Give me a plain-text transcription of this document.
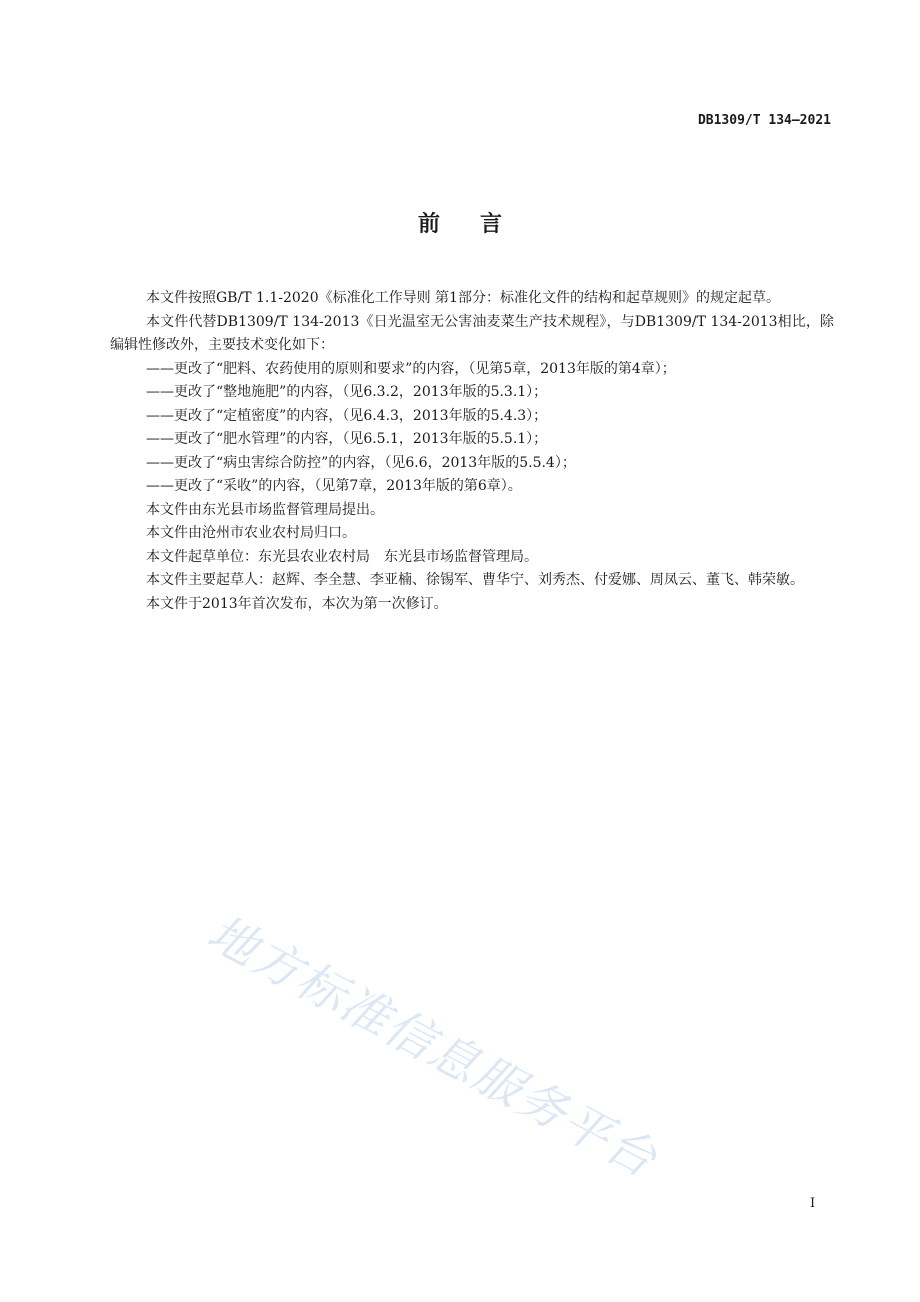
DB1309/T 134—2021
前 言

本文件按照GB/T 1.1-2020《标准化工作导则 第1部分：标准化文件的结构和起草规则》的规定起草。

本文件代替DB1309/T 134-2013《日光温室无公害油麦菜生产技术规程》，与DB1309/T 134-2013相比，除编辑性修改外，主要技术变化如下：

——更改了“肥料、农药使用的原则和要求”的内容，（见第5章，2013年版的第4章）；

——更改了“整地施肥”的内容，（见6.3.2，2013年版的5.3.1）；

——更改了“定植密度”的内容，（见6.4.3，2013年版的5.4.3）；

——更改了“肥水管理”的内容，（见6.5.1，2013年版的5.5.1）；

——更改了“病虫害综合防控”的内容，（见6.6，2013年版的5.5.4）；

——更改了“采收”的内容，（见第7章，2013年版的第6章）。

本文件由东光县市场监督管理局提出。

本文件由沧州市农业农村局归口。

本文件起草单位：东光县农业农村局　东光县市场监督管理局。

本文件主要起草人：赵辉、李全慧、李亚楠、徐锡军、曹华宁、刘秀杰、付爱娜、周凤云、董飞、韩荣敏。

本文件于2013年首次发布，本次为第一次修订。

地方标准信息服务平台
I
